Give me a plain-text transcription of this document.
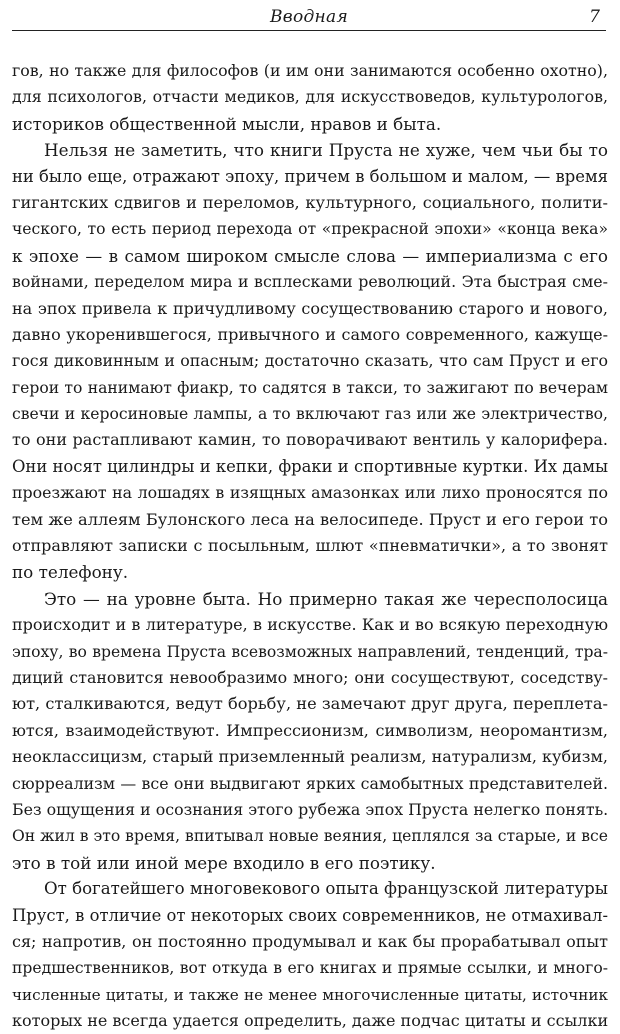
Вводная	7
гов, но также для философов (и им они занимаются особенно охотно),
для психологов, отчасти медиков, для искусствоведов, культурологов,
историков общественной мысли, нравов и быта.
Нельзя не заметить, что книги Пруста не хуже, чем чьи бы то
ни было еще, отражают эпоху, причем в большом и малом, — время
гигантских сдвигов и переломов, культурного, социального, полити-
ческого, то есть период перехода от «прекрасной эпохи» «конца века»
к эпохе — в самом широком смысле слова — империализма с его
войнами, переделом мира и всплесками революций. Эта быстрая сме-
на эпох привела к причудливому сосуществованию старого и нового,
давно укоренившегося, привычного и самого современного, кажуще-
гося диковинным и опасным; достаточно сказать, что сам Пруст и его
герои то нанимают фиакр, то садятся в такси, то зажигают по вечерам
свечи и керосиновые лампы, а то включают газ или же электричество,
то они растапливают камин, то поворачивают вентиль у калорифера.
Они носят цилиндры и кепки, фраки и спортивные куртки. Их дамы
проезжают на лошадях в изящных амазонках или лихо проносятся по
тем же аллеям Булонского леса на велосипеде. Пруст и его герои то
отправляют записки с посыльным, шлют «пневматички», а то звонят
по телефону.
Это — на уровне быта. Но примерно такая же чересполосица
происходит и в литературе, в искусстве. Как и во всякую переходную
эпоху, во времена Пруста всевозможных направлений, тенденций, тра-
диций становится невообразимо много; они сосуществуют, соседству-
ют, сталкиваются, ведут борьбу, не замечают друг друга, переплета-
ются, взаимодействуют. Импрессионизм, символизм, неоромантизм,
неоклассицизм, старый приземленный реализм, натурализм, кубизм,
сюрреализм — все они выдвигают ярких самобытных представителей.
Без ощущения и осознания этого рубежа эпох Пруста нелегко понять.
Он жил в это время, впитывал новые веяния, цеплялся за старые, и все
это в той или иной мере входило в его поэтику.
От богатейшего многовекового опыта французской литературы
Пруст, в отличие от некоторых своих современников, не отмахивал-
ся; напротив, он постоянно продумывал и как бы прорабатывал опыт
предшественников, вот откуда в его книгах и прямые ссылки, и много-
численные цитаты, и также не менее многочисленные цитаты, источник
которых не всегда удается определить, даже подчас цитаты и ссылки
